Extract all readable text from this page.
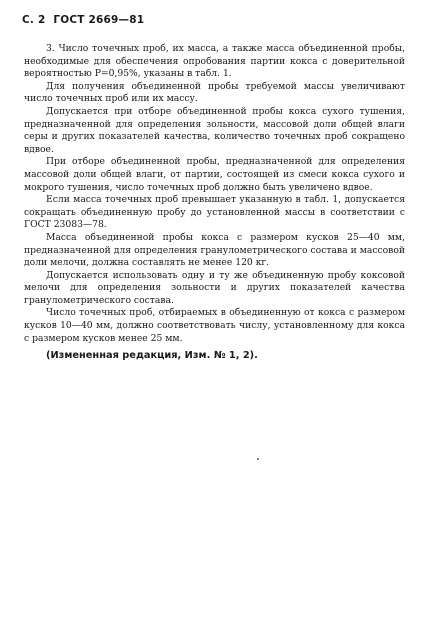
С. 2 ГОСТ 2669—81

3. Число точечных проб, их масса, а также масса объединенной пробы, необходимые для обеспечения опробования партии кокса с доверительной вероятностью P=0,95%, указаны в табл. 1.

Для получения объединенной пробы требуемой массы увеличивают число точечных проб или их массу.

Допускается при отборе объединенной пробы кокса сухого тушения, предназначенной для определения зольности, массовой доли общей влаги серы и других показателей качества, количество точечных проб сокращено вдвое.

При отборе объединенной пробы, предназначенной для определения массовой доли общей влаги, от партии, состоящей из смеси кокса сухого и мокрого тушения, число точечных проб должно быть увеличено вдвое.

Если масса точечных проб превышает указанную в табл. 1, допускается сокращать объединенную пробу до установленной массы в соответствии с ГОСТ 23083—78.

Масса объединенной пробы кокса с размером кусков 25—40 мм, предназначенной для определения гранулометрического состава и массовой доли мелочи, должна составлять не менее 120 кг.

Допускается использовать одну и ту же объединенную пробу коксовой мелочи для определения зольности и других показателей качества гранулометрического состава.

Число точечных проб, отбираемых в объединенную от кокса с размером кусков 10—40 мм, должно соответствовать числу, установленному для кокса с размером кусков менее 25 мм.

(Измененная редакция, Изм. № 1, 2).
